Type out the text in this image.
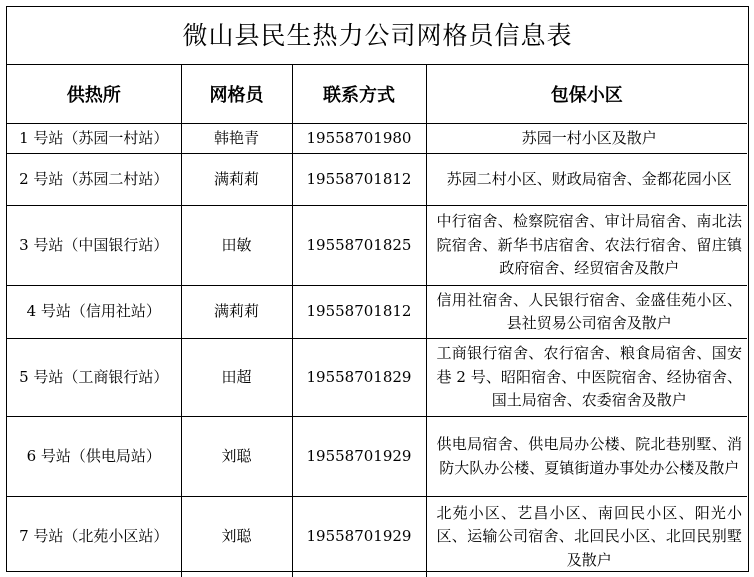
微山县民生热力公司网格员信息表
供热所	网格员	联系方式	包保小区
1 号站（苏园一村站）	韩艳青	19558701980	苏园一村小区及散户
2 号站（苏园二村站）	满莉莉	19558701812	苏园二村小区、财政局宿舍、金都花园小区
3 号站（中国银行站）	田敏	19558701825	中行宿舍、检察院宿舍、审计局宿舍、南北法院宿舍、新华书店宿舍、农法行宿舍、留庄镇政府宿舍、经贸宿舍及散户
4 号站（信用社站）	满莉莉	19558701812	信用社宿舍、人民银行宿舍、金盛佳苑小区、县社贸易公司宿舍及散户
5 号站（工商银行站）	田超	19558701829	工商银行宿舍、农行宿舍、粮食局宿舍、国安巷 2 号、昭阳宿舍、中医院宿舍、经协宿舍、国土局宿舍、农委宿舍及散户
6 号站（供电局站）	刘聪	19558701929	供电局宿舍、供电局办公楼、院北巷别墅、消防大队办公楼、夏镇街道办事处办公楼及散户
7 号站（北苑小区站）	刘聪	19558701929	北苑小区、艺昌小区、南回民小区、阳光小区、运输公司宿舍、北回民小区、北回民别墅及散户
